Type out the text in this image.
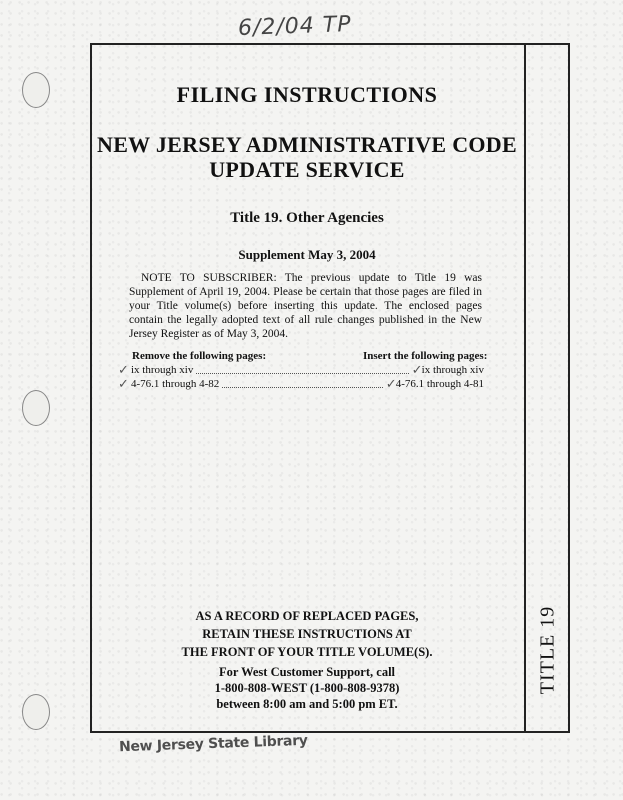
6/2/04 TP
TITLE 19
FILING INSTRUCTIONS
NEW JERSEY ADMINISTRATIVE CODE
UPDATE SERVICE
Title 19. Other Agencies
Supplement May 3, 2004
NOTE TO SUBSCRIBER: The previous update to Title 19 was Supplement of April 19, 2004. Please be certain that those pages are filed in your Title volume(s) before inserting this update. The enclosed pages contain the legally adopted text of all rule changes published in the New Jersey Register as of May 3, 2004.
Remove the following pages:	Insert the following pages:
✓ ix through xiv	✓ ix through xiv
✓ 4-76.1 through 4-82	✓ 4-76.1 through 4-81
AS A RECORD OF REPLACED PAGES,
RETAIN THESE INSTRUCTIONS AT
THE FRONT OF YOUR TITLE VOLUME(S).
For West Customer Support, call
1-800-808-WEST (1-800-808-9378)
between 8:00 am and 5:00 pm ET.
New Jersey State Library
